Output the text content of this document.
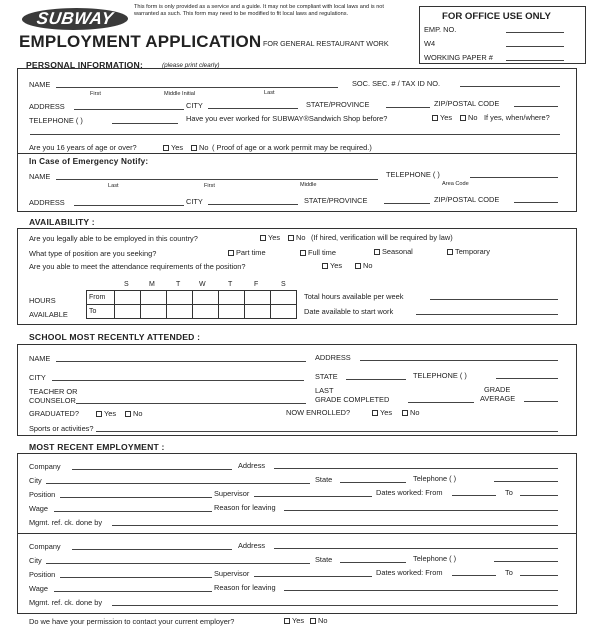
SUBWAY
This form is only provided as a service and a guide. It may not be compliant with local laws and is not warranted as such. This form may need to be modified to fit local laws and regulations.
EMPLOYMENT APPLICATION FOR GENERAL RESTAURANT WORK
FOR OFFICE USE ONLY
EMP. NO.
W4
WORKING PAPER #
PERSONAL INFORMATION:	(please print clearly)
NAME	SOC. SEC. # / TAX ID NO.
First	Middle Initial	Last
ADDRESS	CITY	STATE/PROVINCE	ZIP/POSTAL CODE
TELEPHONE ( )	Have you ever worked for SUBWAY®Sandwich Shop before?	Yes	No If yes, when/where?
Are you 16 years of age or over?	Yes	No ( Proof of age or a work permit may be required.)
In Case of Emergency Notify:
NAME	TELEPHONE ( )
Last	First	Middle	Area Code
ADDRESS	CITY	STATE/PROVINCE	ZIP/POSTAL CODE
AVAILABILITY :
Are you legally able to be employed in this country?	Yes	No (If hired, verification will be required by law)
What type of position are you seeking?	Part time	Full time	Seasonal	Temporary
Are you able to meet the attendance requirements of the position?	Yes	No
S	M	T	W	T	F	S
HOURS
AVAILABLE
From							
To							
Total hours available per week
Date available to start work
SCHOOL MOST RECENTLY ATTENDED :
NAME	ADDRESS
CITY	STATE	TELEPHONE ( )
TEACHER OR
COUNSELOR
LAST
GRADE COMPLETED
GRADE
AVERAGE
GRADUATED?	Yes	No	NOW ENROLLED?	Yes	No
Sports or activities?
MOST RECENT EMPLOYMENT :
Company	Address
City	State	Telephone ( )
Position	Supervisor	Dates worked: From	To
Wage	Reason for leaving
Mgmt. ref. ck. done by
Company	Address
City	State	Telephone ( )
Position	Supervisor	Dates worked: From	To
Wage	Reason for leaving
Mgmt. ref. ck. done by
Do we have your permission to contact your current employer?	Yes	No
